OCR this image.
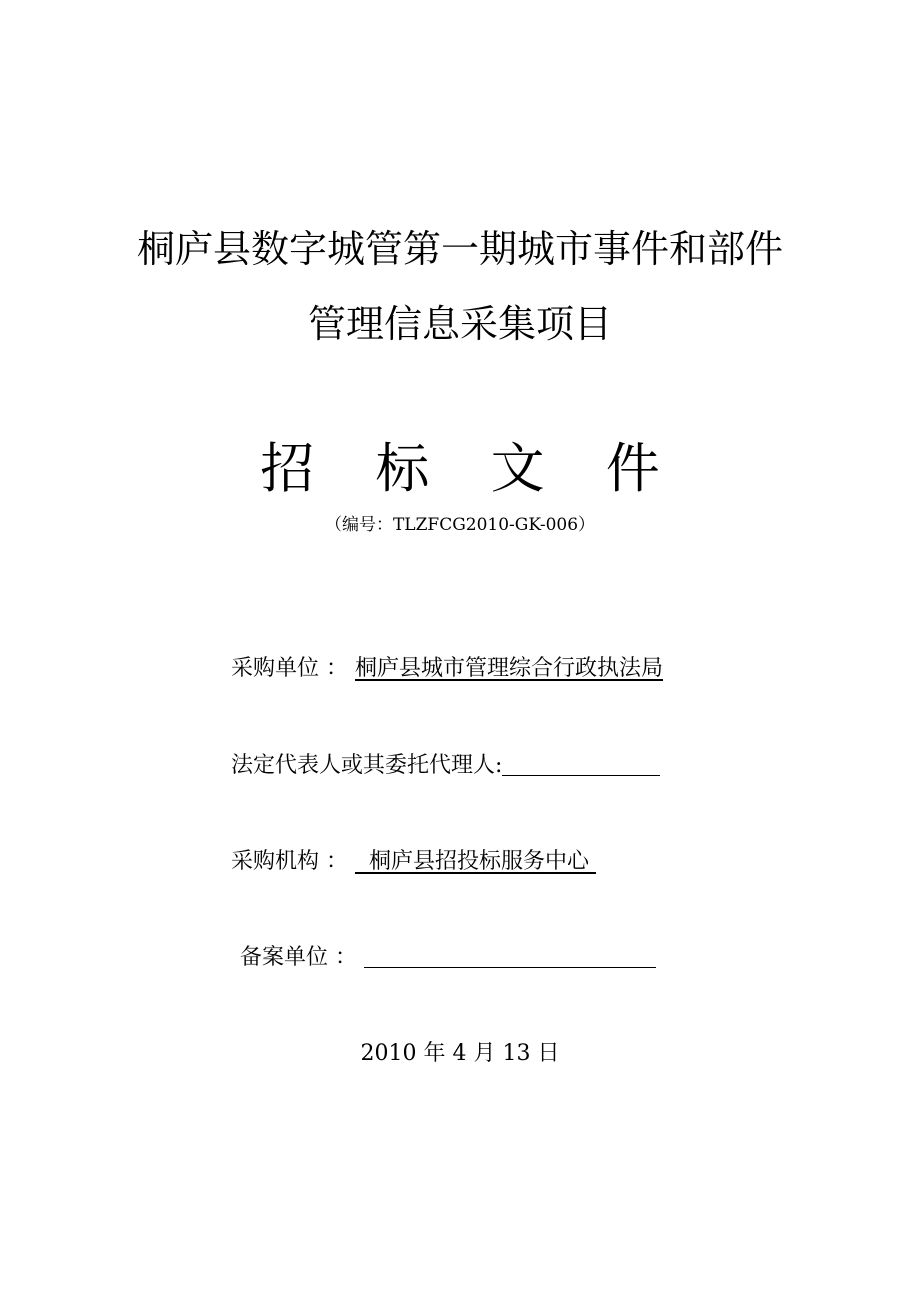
桐庐县数字城管第一期城市事件和部件
管理信息采集项目
招 标 文 件
（编号：TLZFCG2010-GK-006）
采购单位 ： 桐庐县城市管理综合行政执法局
法定代表人或其委托代理人:
采购机构 ：   桐庐县招投标服务中心
备案单位 ：
2010 年 4 月 13 日
